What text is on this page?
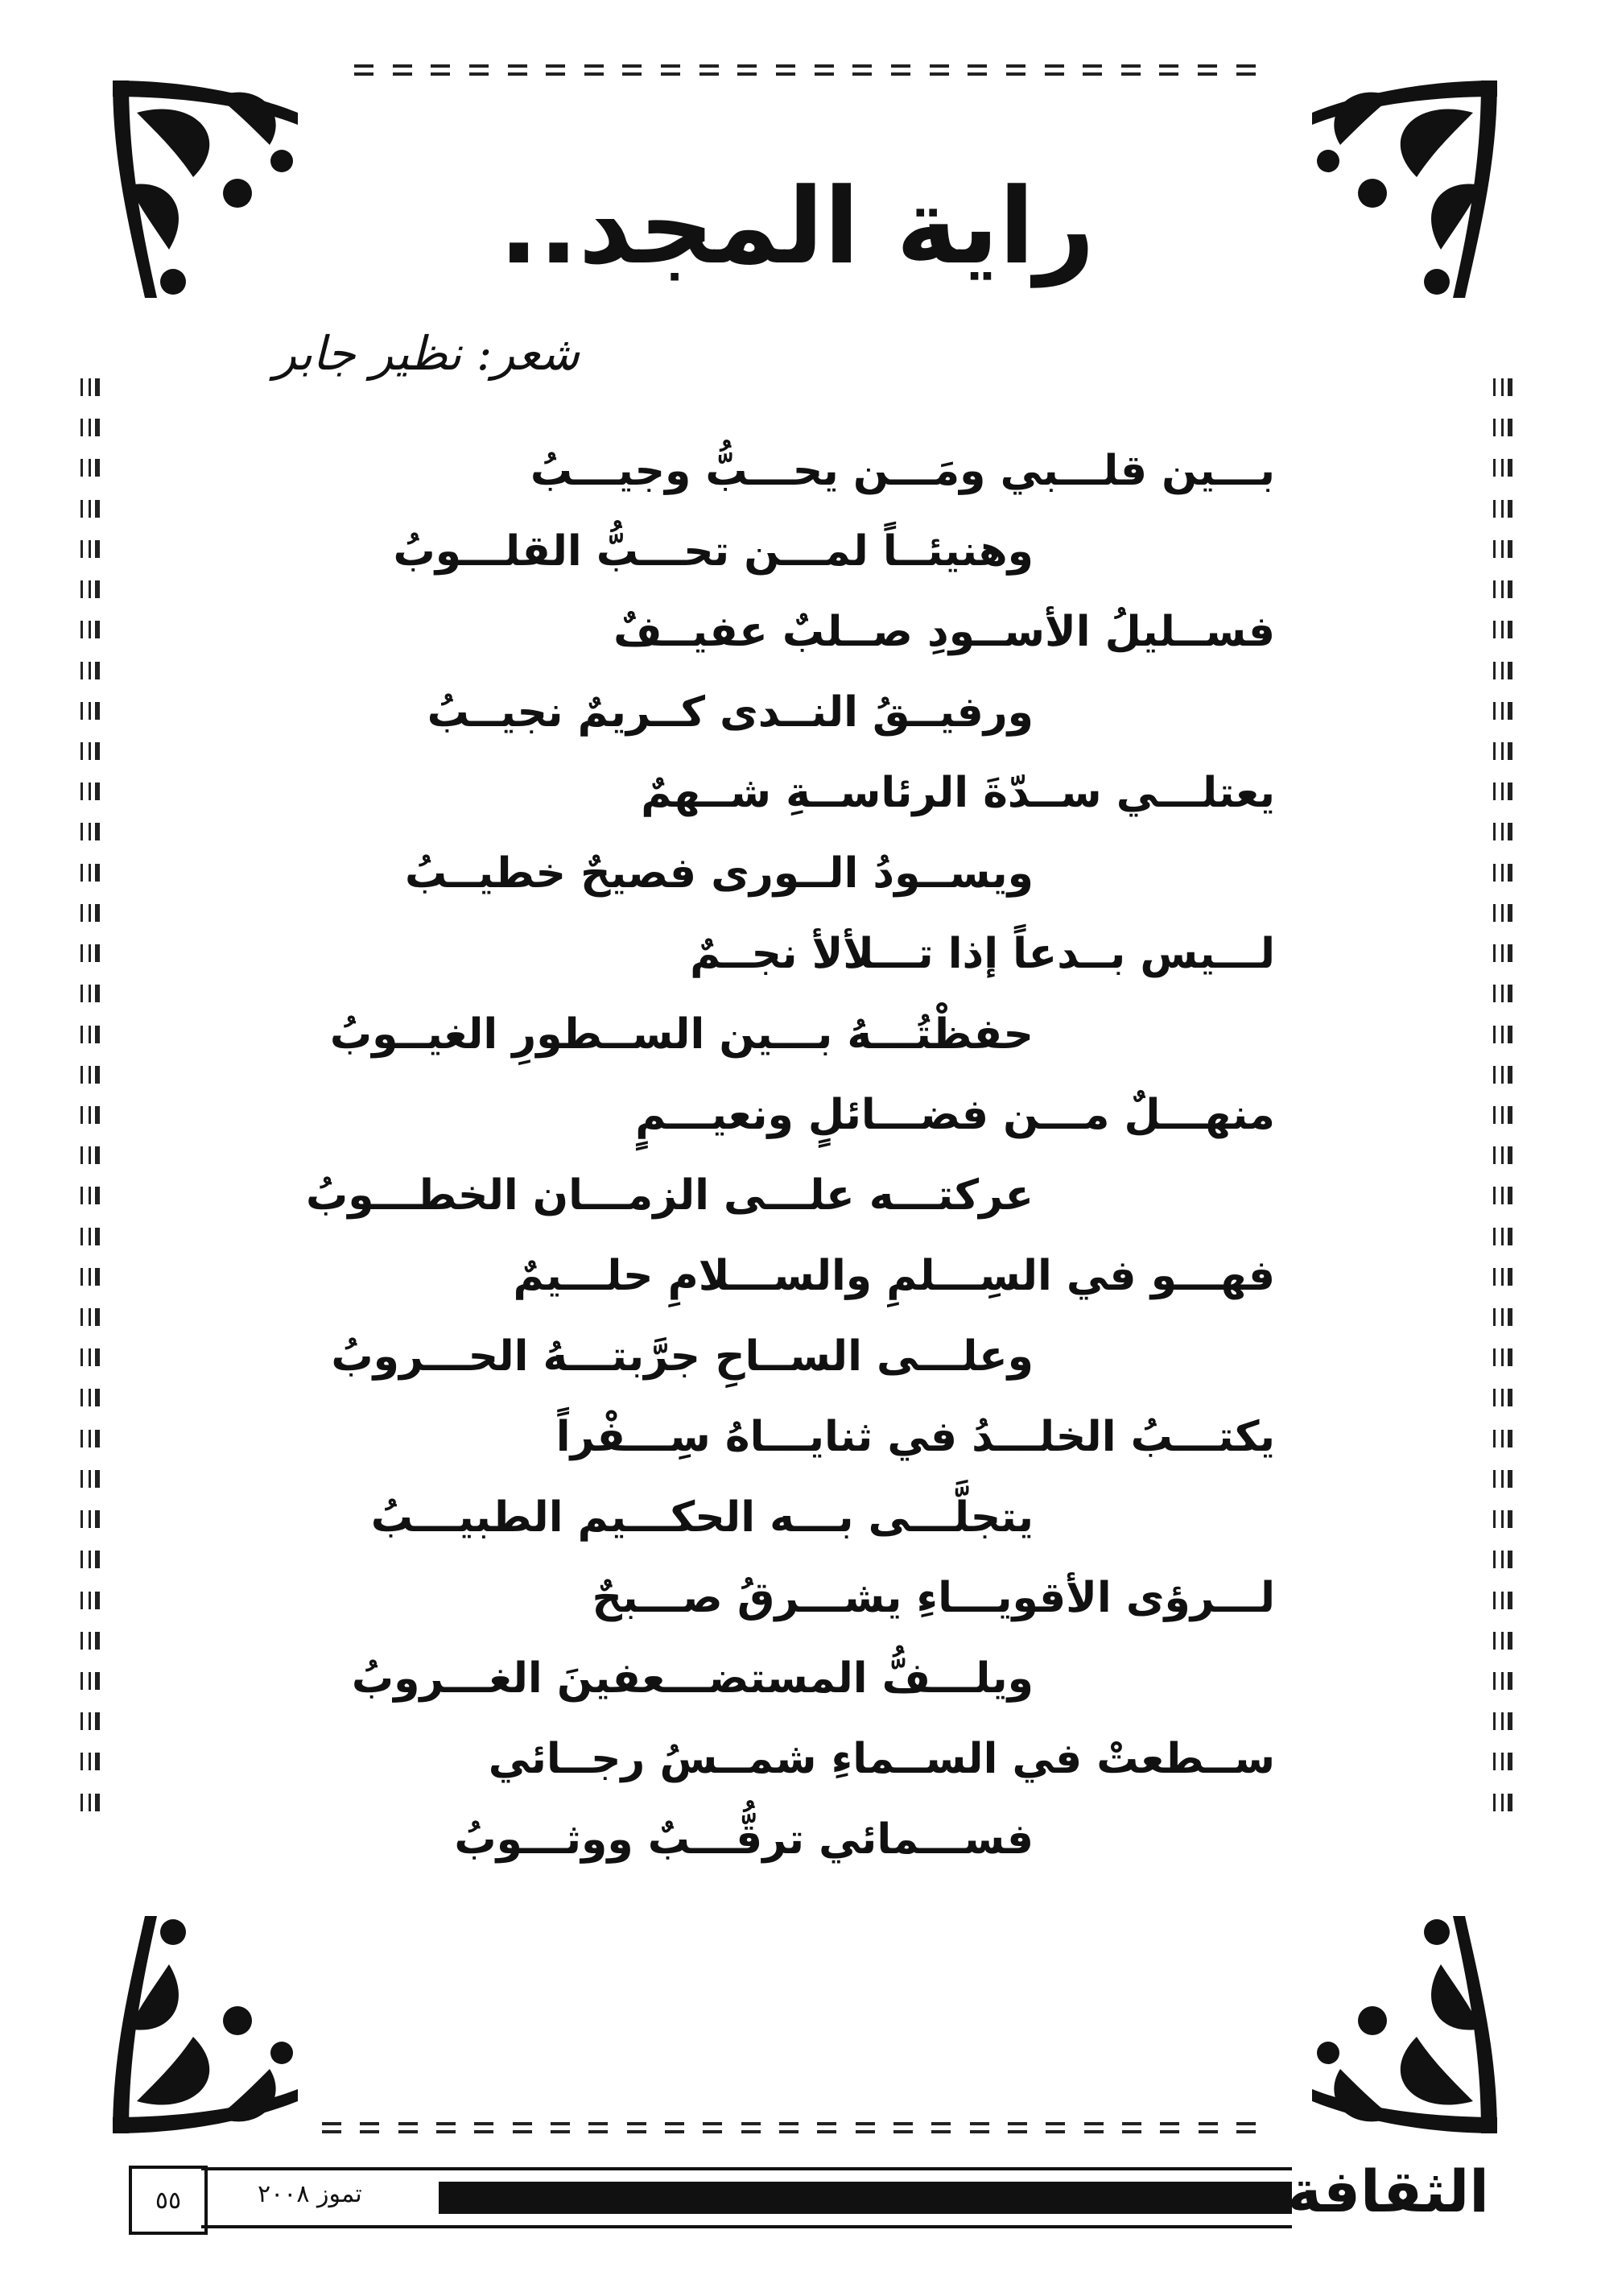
راية المجد..
شعر: نظير جابر
بـــين قلـــبي ومَـــن يحـــبُّ وجيـــبُ
وهنيئــاً لمـــن تحـــبُّ القلـــوبُ
فســليلُ الأســودِ صــلبٌ عفيــفٌ
ورفيــقُ النــدى كــريمٌ نجيــبُ
يعتلـــي ســدّةَ الرئاســةِ شــهمٌ
ويســودُ الــورى فصيحٌ خطيــبُ
لـــيس بــدعاً إذا تـــلألأ نجــمٌ
حفظْتُـــهُ بـــين الســطورِ الغيــوبُ
منهـــلٌ مـــن فضـــائلٍ ونعيـــمٍ
عركتـــه علـــى الزمـــان الخطـــوبُ
فهـــو في السِـــلمِ والســـلامِ حلـــيمٌ
وعلـــى الســاحِ جرَّبتـــهُ الحـــروبُ
يكتـــبُ الخلـــدُ في ثنايـــاهُ سِـــفْراً
يتجلَّـــى بـــه الحكـــيم الطبيـــبُ
لـــرؤى الأقويـــاءِ يشـــرقُ صـــبحٌ
ويلـــفُّ المستضـــعفينَ الغـــروبُ
ســطعتْ في الســماءِ شمــسُ رجــائي
فســـمائي ترقُّـــبٌ ووثـــوبُ
٥٥	تموز ٢٠٠٨	الثقافة
